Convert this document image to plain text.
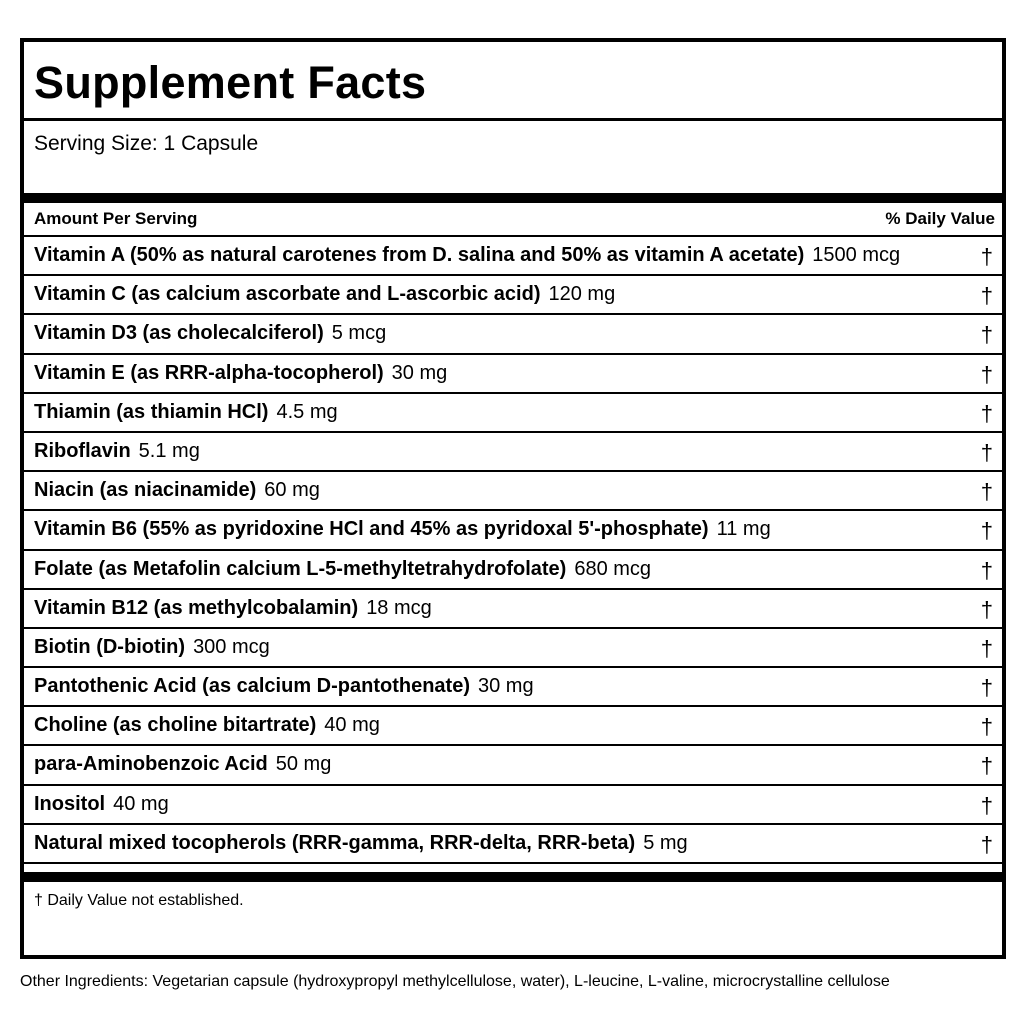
Supplement Facts
Serving Size: 1 Capsule
Amount Per Serving	% Daily Value
Vitamin A (50% as natural carotenes from D. salina and 50% as vitamin A acetate) 1500 mcg	†
Vitamin C (as calcium ascorbate and L-ascorbic acid) 120 mg	†
Vitamin D3 (as cholecalciferol) 5 mcg	†
Vitamin E (as RRR-alpha-tocopherol) 30 mg	†
Thiamin (as thiamin HCl) 4.5 mg	†
Riboflavin 5.1 mg	†
Niacin (as niacinamide) 60 mg	†
Vitamin B6 (55% as pyridoxine HCl and 45% as pyridoxal 5'-phosphate) 11 mg	†
Folate (as Metafolin calcium L-5-methyltetrahydrofolate) 680 mcg	†
Vitamin B12 (as methylcobalamin) 18 mcg	†
Biotin (D-biotin) 300 mcg	†
Pantothenic Acid (as calcium D-pantothenate) 30 mg	†
Choline (as choline bitartrate) 40 mg	†
para-Aminobenzoic Acid 50 mg	†
Inositol 40 mg	†
Natural mixed tocopherols (RRR-gamma, RRR-delta, RRR-beta) 5 mg	†
† Daily Value not established.
Other Ingredients: Vegetarian capsule (hydroxypropyl methylcellulose, water), L-leucine, L-valine, microcrystalline cellulose
